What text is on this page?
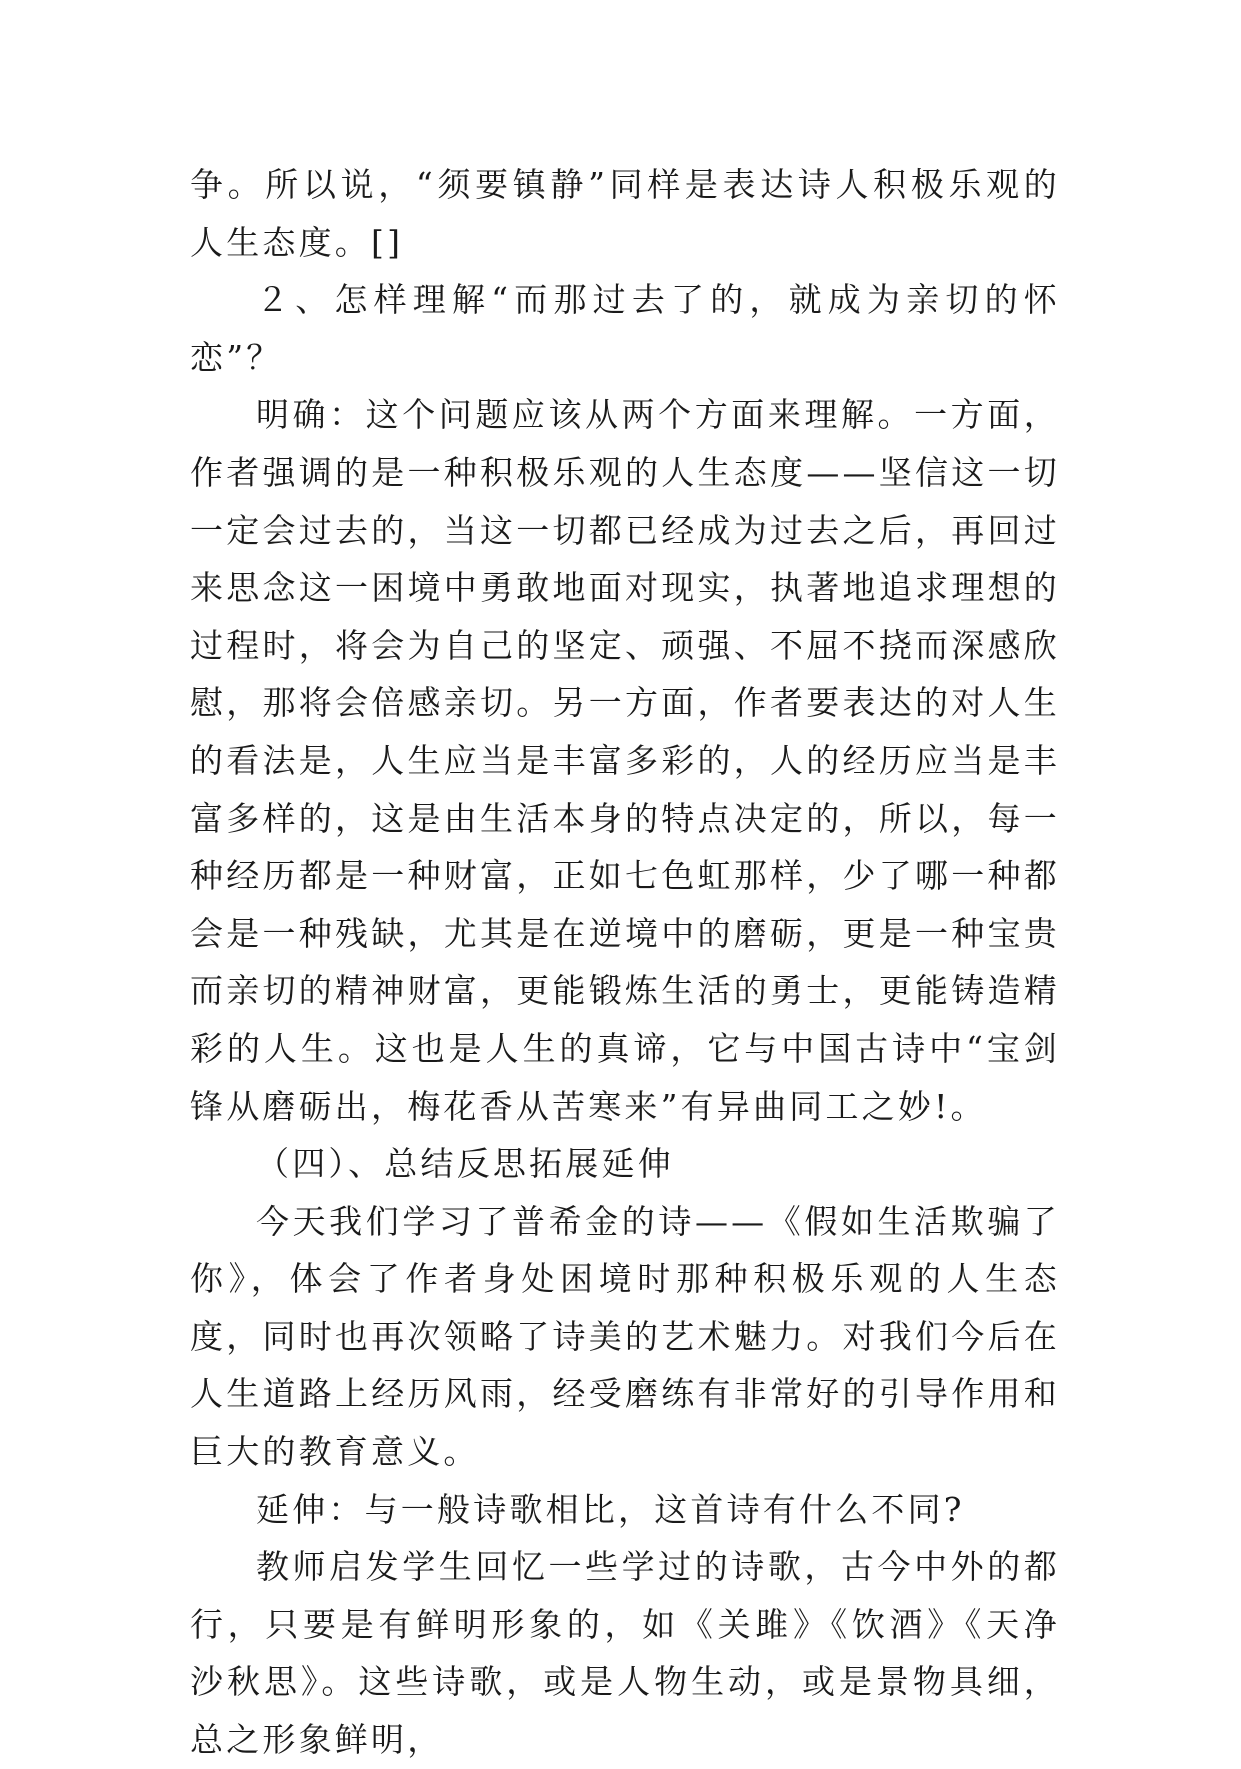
争。所以说，“须要镇静”同样是表达诗人积极乐观的人生态度。[]

２、怎样理解“而那过去了的，就成为亲切的怀恋”？

明确：这个问题应该从两个方面来理解。一方面，作者强调的是一种积极乐观的人生态度——坚信这一切一定会过去的，当这一切都已经成为过去之后，再回过来思念这一困境中勇敢地面对现实，执著地追求理想的过程时，将会为自己的坚定、顽强、不屈不挠而深感欣慰，那将会倍感亲切。另一方面，作者要表达的对人生的看法是，人生应当是丰富多彩的，人的经历应当是丰富多样的，这是由生活本身的特点决定的，所以，每一种经历都是一种财富，正如七色虹那样，少了哪一种都会是一种残缺，尤其是在逆境中的磨砺，更是一种宝贵而亲切的精神财富，更能锻炼生活的勇士，更能铸造精彩的人生。这也是人生的真谛，它与中国古诗中“宝剑锋从磨砺出，梅花香从苦寒来”有异曲同工之妙!。

（四）、总结反思拓展延伸

今天我们学习了普希金的诗——《假如生活欺骗了你》，体会了作者身处困境时那种积极乐观的人生态度，同时也再次领略了诗美的艺术魅力。对我们今后在人生道路上经历风雨，经受磨练有非常好的引导作用和巨大的教育意义。

延伸：与一般诗歌相比，这首诗有什么不同?

教师启发学生回忆一些学过的诗歌，古今中外的都行，只要是有鲜明形象的，如《关雎》《饮酒》《天净沙秋思》。这些诗歌，或是人物生动，或是景物具细，总之形象鲜明，
